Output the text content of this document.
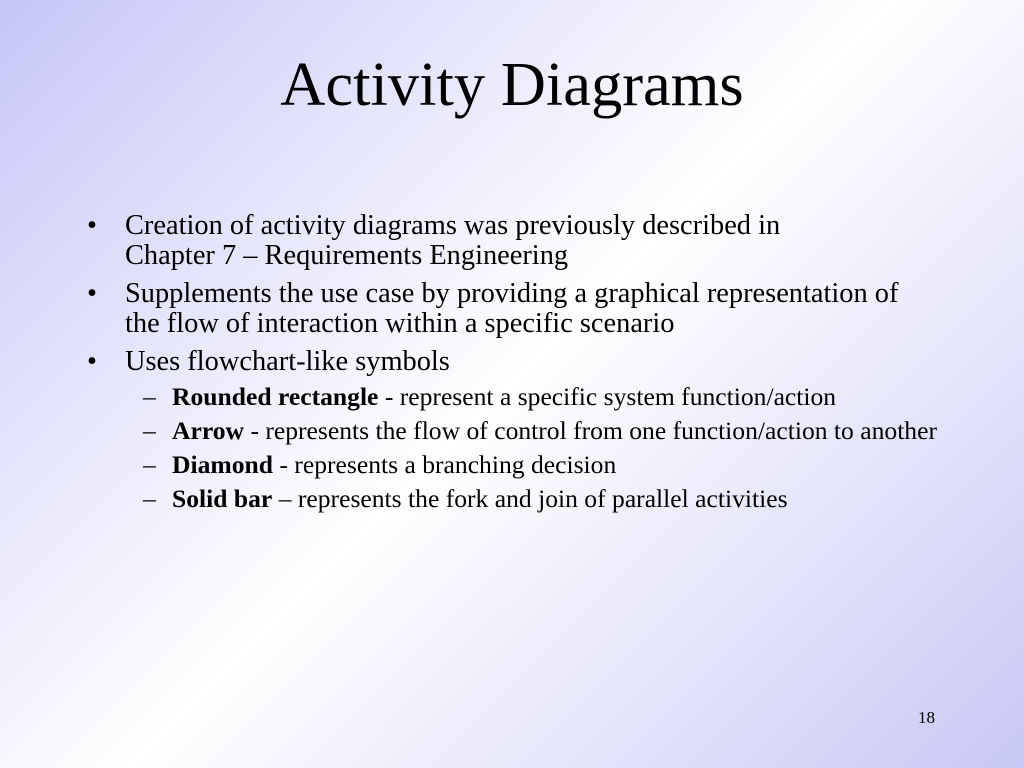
Activity Diagrams
• Creation of activity diagrams was previously described in
Chapter 7 – Requirements Engineering
• Supplements the use case by providing a graphical representation of
the flow of interaction within a specific scenario
• Uses flowchart-like symbols
– Rounded rectangle - represent a specific system function/action
– Arrow - represents the flow of control from one function/action to another
– Diamond - represents a branching decision
– Solid bar – represents the fork and join of parallel activities
18
